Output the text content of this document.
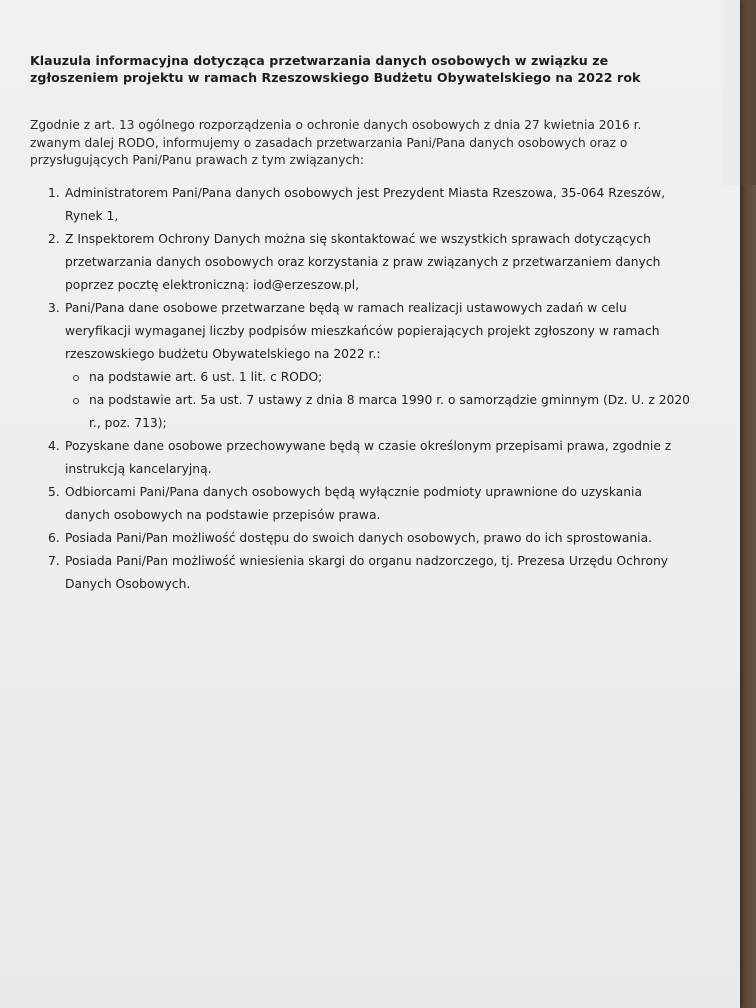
Klauzula informacyjna dotycząca przetwarzania danych osobowych w związku ze zgłoszeniem projektu w ramach Rzeszowskiego Budżetu Obywatelskiego na 2022 rok
Zgodnie z art. 13 ogólnego rozporządzenia o ochronie danych osobowych z dnia 27 kwietnia 2016 r. zwanym dalej RODO, informujemy o zasadach przetwarzania Pani/Pana danych osobowych oraz o przysługujących Pani/Panu prawach z tym związanych:
1. Administratorem Pani/Pana danych osobowych jest Prezydent Miasta Rzeszowa, 35-064 Rzeszów, Rynek 1,
2. Z Inspektorem Ochrony Danych można się skontaktować we wszystkich sprawach dotyczących przetwarzania danych osobowych oraz korzystania z praw związanych z przetwarzaniem danych poprzez pocztę elektroniczną: iod@erzeszow.pl,
3. Pani/Pana dane osobowe przetwarzane będą w ramach realizacji ustawowych zadań w celu weryfikacji wymaganej liczby podpisów mieszkańców popierających projekt zgłoszony w ramach rzeszowskiego budżetu Obywatelskiego na 2022 r.:
na podstawie art. 6 ust. 1 lit. c RODO;
na podstawie art. 5a ust. 7 ustawy z dnia 8 marca 1990 r. o samorządzie gminnym (Dz. U. z 2020 r., poz. 713);
4. Pozyskane dane osobowe przechowywane będą w czasie określonym przepisami prawa, zgodnie z instrukcją kancelaryjną.
5. Odbiorcami Pani/Pana danych osobowych będą wyłącznie podmioty uprawnione do uzyskania danych osobowych na podstawie przepisów prawa.
6. Posiada Pani/Pan możliwość dostępu do swoich danych osobowych, prawo do ich sprostowania.
7. Posiada Pani/Pan możliwość wniesienia skargi do organu nadzorczego, tj. Prezesa Urzędu Ochrony Danych Osobowych.
